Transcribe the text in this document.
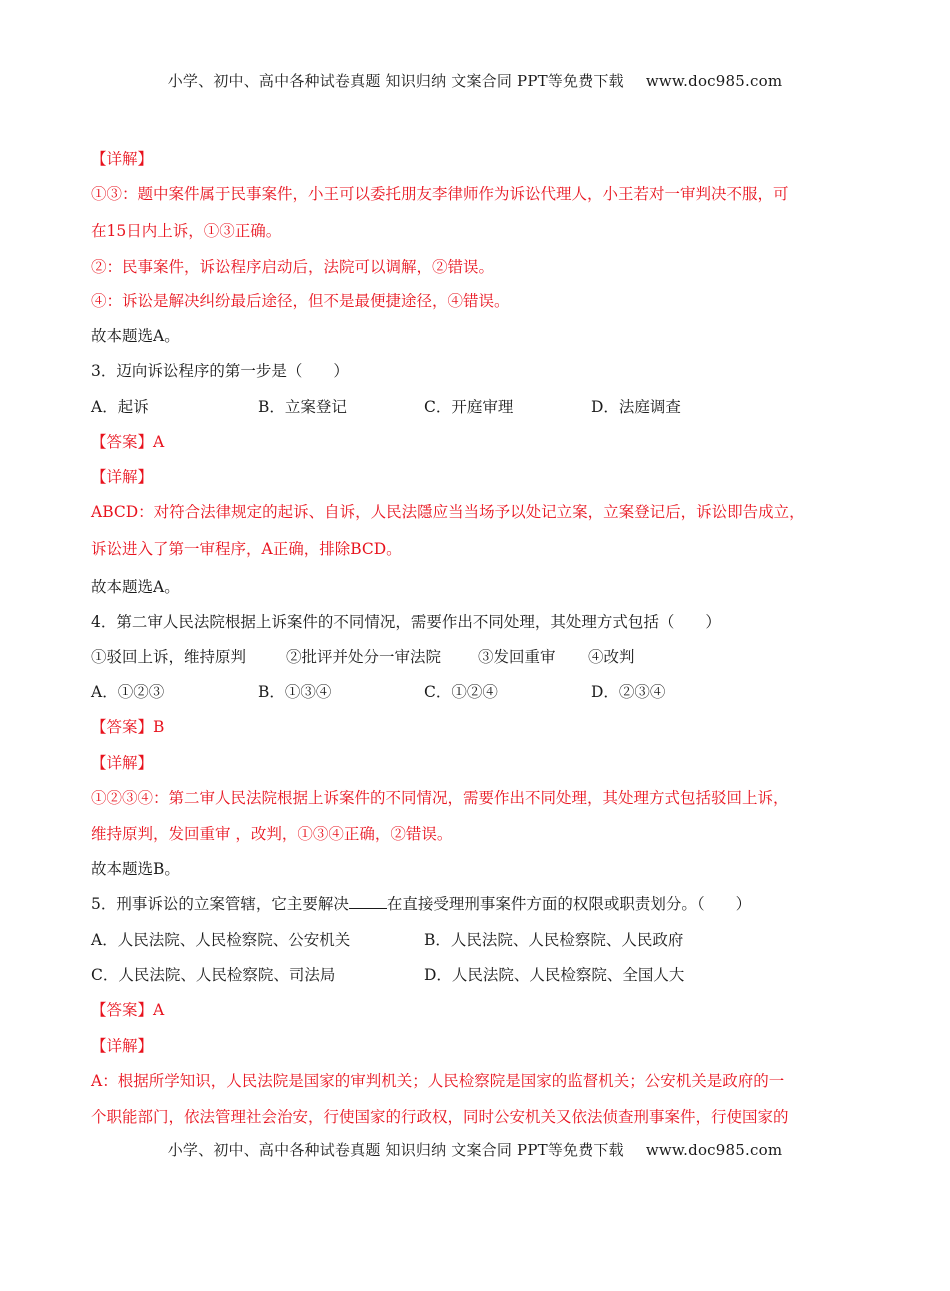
小学、初中、高中各种试卷真题 知识归纳 文案合同 PPT等免费下载 www.doc985.com
【详解】
①③：题中案件属于民事案件，小王可以委托朋友李律师作为诉讼代理人，小王若对一审判决不服，可
在15日内上诉，①③正确。
②：民事案件，诉讼程序启动后，法院可以调解，②错误。
④：诉讼是解决纠纷最后途径，但不是最便捷途径，④错误。
故本题选A。
3．迈向诉讼程序的第一步是（　　）
A．起诉	B．立案登记	C．开庭审理	D．法庭调查
【答案】A
【详解】
ABCD：对符合法律规定的起诉、自诉，人民法隱应当当场予以处记立案，立案登记后，诉讼即告成立，
诉讼进入了第一审程序，A正确，排除BCD。
故本题选A。
4．第二审人民法院根据上诉案件的不同情况，需要作出不同处理，其处理方式包括（　　）
①驳回上诉，维持原判	②批评并处分一审法院 ③发回重审 ④改判
A．①②③	B．①③④	C．①②④	D．②③④
【答案】B
【详解】
①②③④：第二审人民法院根据上诉案件的不同情况，需要作出不同处理，其处理方式包括驳回上诉，
维持原判，发回重审 ，改判，①③④正确，②错误。
故本题选B。
5．刑事诉讼的立案管辖，它主要解决 在直接受理刑事案件方面的权限或职责划分。（　　）
A．人民法院、人民检察院、公安机关	B．人民法院、人民检察院、人民政府
C．人民法院、人民检察院、司法局	D．人民法院、人民检察院、全国人大
【答案】A
【详解】
A：根据所学知识，人民法院是国家的审判机关；人民检察院是国家的监督机关；公安机关是政府的一
个职能部门，依法管理社会治安，行使国家的行政权，同时公安机关又依法侦查刑事案件，行使国家的
小学、初中、高中各种试卷真题 知识归纳 文案合同 PPT等免费下载 www.doc985.com
